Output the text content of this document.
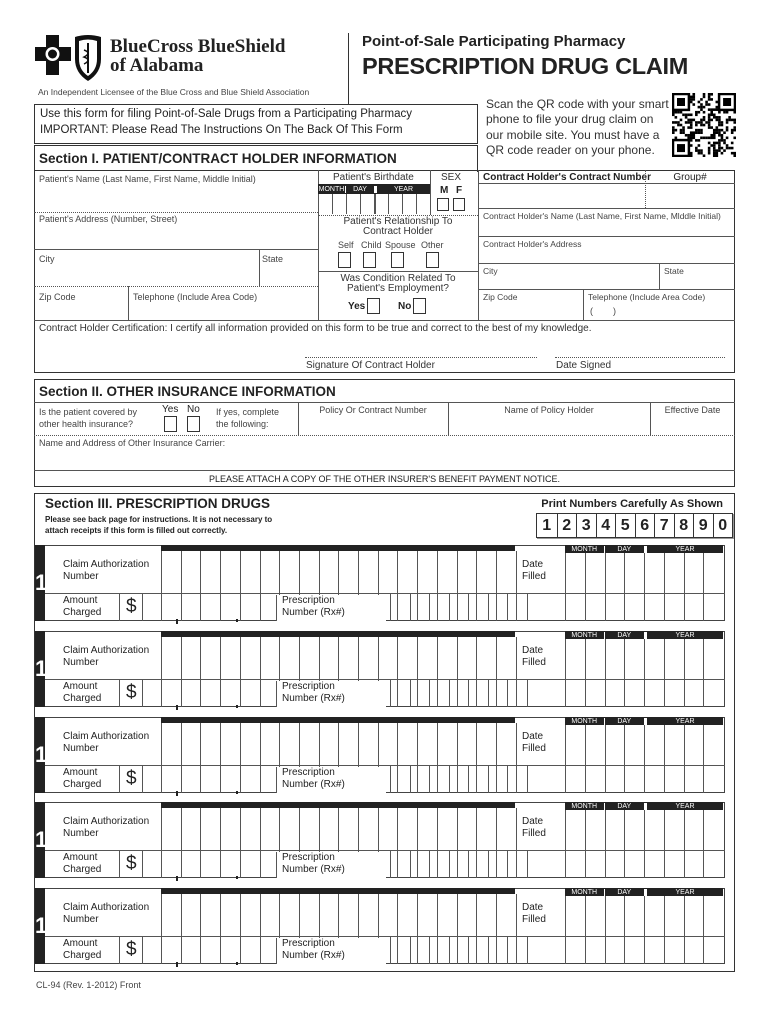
BlueCross BlueShield
of Alabama
An Independent Licensee of the Blue Cross and Blue Shield Association
Point-of-Sale Participating Pharmacy
PRESCRIPTION DRUG CLAIM
Use this form for filing Point-of-Sale Drugs from a Participating Pharmacy
IMPORTANT: Please Read The Instructions On The Back Of This Form
Scan the QR code with your smart
phone to file your drug claim on
our mobile site. You must have a
QR code reader on your phone.
Section I. PATIENT/CONTRACT HOLDER INFORMATION
Patient's Name (Last Name, First Name, Middle Initial)
Patient's Address (Number, Street)
City	State
Zip Code	Telephone (Include Area Code)
Patient's Birthdate	SEX
MONTH	DAY	YEAR	M F
Patient's Relationship To
Contract Holder
Self Child Spouse Other
Was Condition Related To
Patient's Employment?
Yes	No
Contract Holder's Contract Number	Group#
Contract Holder's Name (Last Name, First Name, Mlddle Initial)
Contract Holder's Address
City	State
Zip Code	Telephone (Include Area Code)
(        )
Contract Holder Certification: I certify all information provided on this form to be true and correct to the best of my knowledge.
Signature Of Contract Holder	Date Signed
Section II. OTHER INSURANCE INFORMATION
Is the patient covered by
other health insurance?
Yes No If yes, complete
the following:
Policy Or Contract Number	Name of Policy Holder	Effective Date
Name and Address of Other Insurance Carrier:
PLEASE ATTACH A COPY OF THE OTHER INSURER'S BENEFIT PAYMENT NOTICE.
Section III. PRESCRIPTION DRUGS
Please see back page for instructions. It is not necessary to
attach receipts if this form is filled out correctly.
Print Numbers Carefully As Shown
1 2 3 4 5 6 7 8 9 0
1
Claim Authorization
Number
Date
Filled
MONTH	DAY	YEAR
Amount
Charged $	Prescription
Number (Rx#)
1
Claim Authorization
Number
Date
Filled
MONTH	DAY	YEAR
Amount
Charged $	Prescription
Number (Rx#)
1
Claim Authorization
Number
Date
Filled
MONTH	DAY	YEAR
Amount
Charged $	Prescription
Number (Rx#)
1
Claim Authorization
Number
Date
Filled
MONTH	DAY	YEAR
Amount
Charged $	Prescription
Number (Rx#)
1
Claim Authorization
Number
Date
Filled
MONTH	DAY	YEAR
Amount
Charged $	Prescription
Number (Rx#)
CL-94 (Rev. 1-2012) Front
